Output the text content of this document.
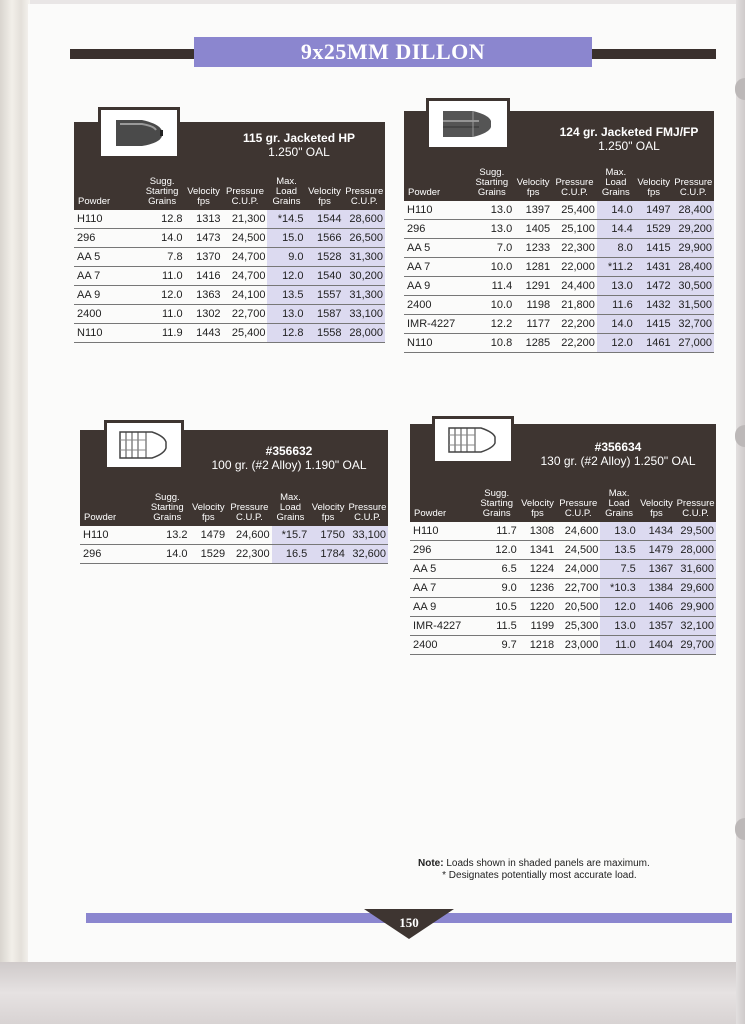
9x25MM DILLON
115 gr. Jacketed HP
1.250" OAL
124 gr. Jacketed FMJ/FP
1.250" OAL
#356632
100 gr. (#2 Alloy) 1.190" OAL
#356634
130 gr. (#2 Alloy) 1.250" OAL
Powder	Sugg. Starting Grains	Velocity fps	Pressure C.U.P.	Max. Load Grains	Velocity fps	Pressure C.U.P.
H110	12.8	1313	21,300	*14.5	1544	28,600
296	14.0	1473	24,500	15.0	1566	26,500
AA 5	7.8	1370	24,700	9.0	1528	31,300
AA 7	11.0	1416	24,700	12.0	1540	30,200
AA 9	12.0	1363	24,100	13.5	1557	31,300
2400	11.0	1302	22,700	13.0	1587	33,100
N110	11.9	1443	25,400	12.8	1558	28,000
Powder	Sugg. Starting Grains	Velocity fps	Pressure C.U.P.	Max. Load Grains	Velocity fps	Pressure C.U.P.
H110	13.0	1397	25,400	14.0	1497	28,400
296	13.0	1405	25,100	14.4	1529	29,200
AA 5	7.0	1233	22,300	8.0	1415	29,900
AA 7	10.0	1281	22,000	*11.2	1431	28,400
AA 9	11.4	1291	24,400	13.0	1472	30,500
2400	10.0	1198	21,800	11.6	1432	31,500
IMR-4227	12.2	1177	22,200	14.0	1415	32,700
N110	10.8	1285	22,200	12.0	1461	27,000
Powder	Sugg. Starting Grains	Velocity fps	Pressure C.U.P.	Max. Load Grains	Velocity fps	Pressure C.U.P.
H110	13.2	1479	24,600	*15.7	1750	33,100
296	14.0	1529	22,300	16.5	1784	32,600
Powder	Sugg. Starting Grains	Velocity fps	Pressure C.U.P.	Max. Load Grains	Velocity fps	Pressure C.U.P.
H110	11.7	1308	24,600	13.0	1434	29,500
296	12.0	1341	24,500	13.5	1479	28,000
AA 5	6.5	1224	24,000	7.5	1367	31,600
AA 7	9.0	1236	22,700	*10.3	1384	29,600
AA 9	10.5	1220	20,500	12.0	1406	29,900
IMR-4227	11.5	1199	25,300	13.0	1357	32,100
2400	9.7	1218	23,000	11.0	1404	29,700
Note: Loads shown in shaded panels are maximum.
* Designates potentially most accurate load.
150
